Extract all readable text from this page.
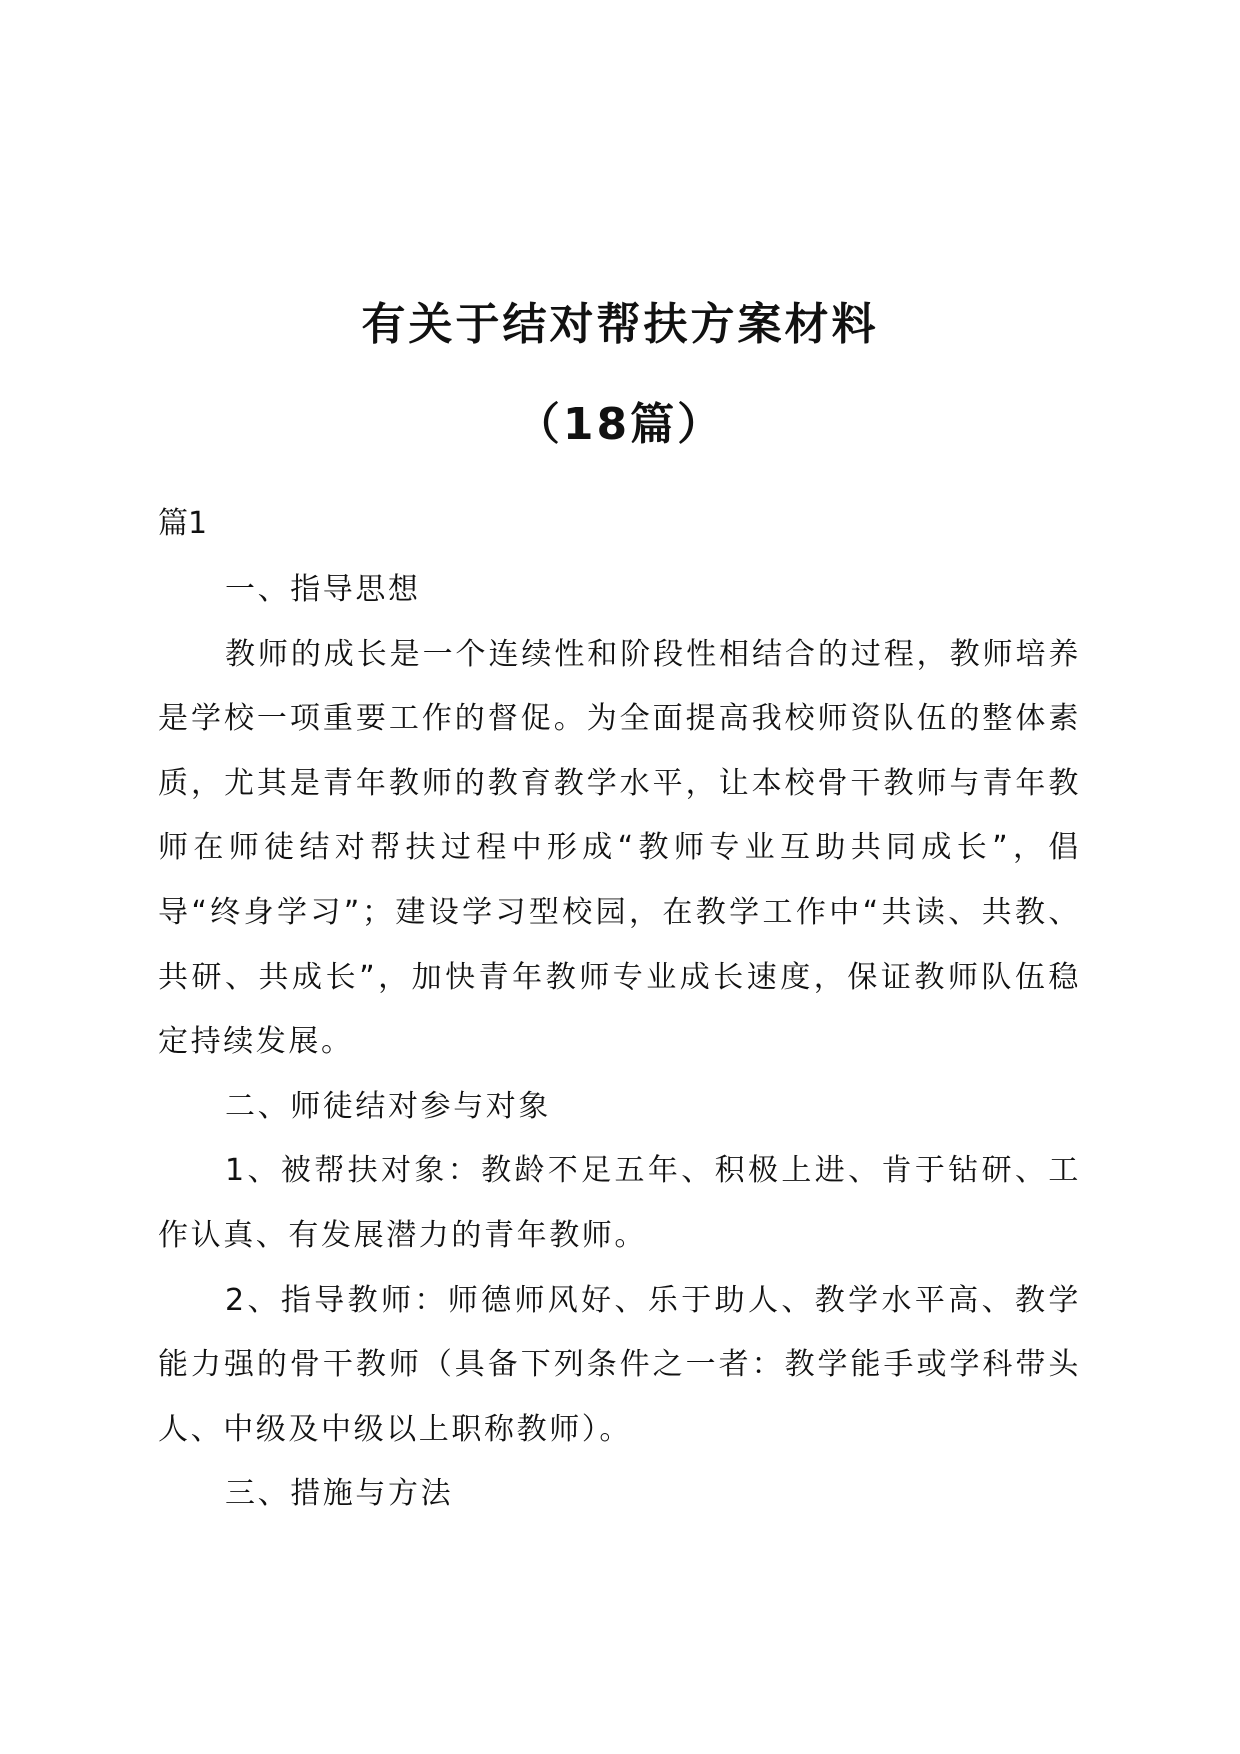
有关于结对帮扶方案材料
（18篇）
篇1

一、指导思想

教师的成长是一个连续性和阶段性相结合的过程，教师培养是学校一项重要工作的督促。为全面提高我校师资队伍的整体素质，尤其是青年教师的教育教学水平，让本校骨干教师与青年教师在师徒结对帮扶过程中形成“教师专业互助共同成长”，倡导“终身学习”；建设学习型校园，在教学工作中“共读、共教、共研、共成长”，加快青年教师专业成长速度，保证教师队伍稳定持续发展。

二、师徒结对参与对象

1、被帮扶对象：教龄不足五年、积极上进、肯于钻研、工作认真、有发展潜力的青年教师。

2、指导教师：师德师风好、乐于助人、教学水平高、教学能力强的骨干教师（具备下列条件之一者：教学能手或学科带头人、中级及中级以上职称教师）。

三、措施与方法
